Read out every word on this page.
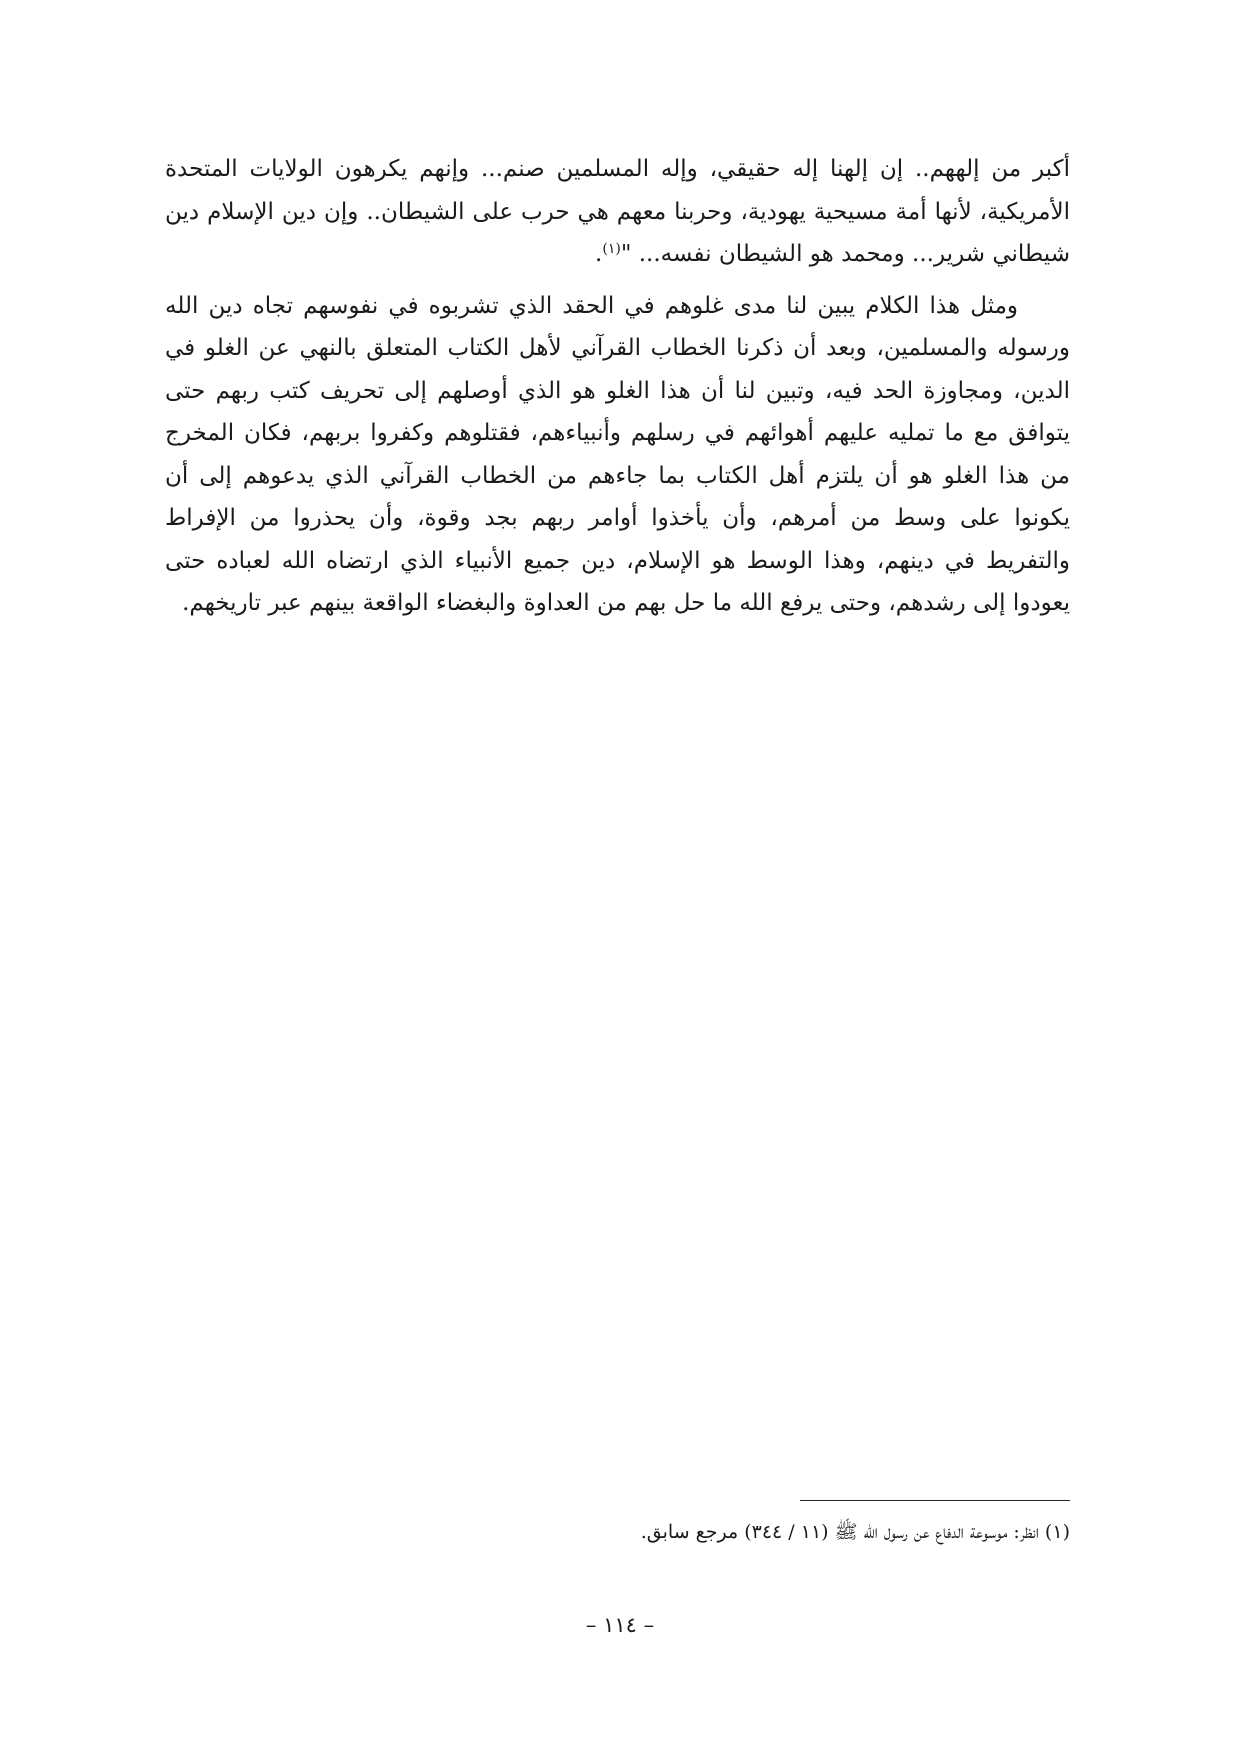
أكبر من إلههم.. إن إلهنا إله حقيقي، وإله المسلمين صنم... وإنهم يكرهون الولايات المتحدة الأمريكية، لأنها أمة مسيحية يهودية، وحربنا معهم هي حرب على الشيطان.. وإن دين الإسلام دين شيطاني شرير... ومحمد هو الشيطان نفسه... "$^{(١)}$.

ومثل هذا الكلام يبين لنا مدى غلوهم في الحقد الذي تشربوه في نفوسهم تجاه دين الله ورسوله والمسلمين، وبعد أن ذكرنا الخطاب القرآني لأهل الكتاب المتعلق بالنهي عن الغلو في الدين، ومجاوزة الحد فيه، وتبين لنا أن هذا الغلو هو الذي أوصلهم إلى تحريف كتب ربهم حتى يتوافق مع ما تمليه عليهم أهوائهم في رسلهم وأنبياءهم، فقتلوهم وكفروا بربهم، فكان المخرج من هذا الغلو هو أن يلتزم أهل الكتاب بما جاءهم من الخطاب القرآني الذي يدعوهم إلى أن يكونوا على وسط من أمرهم، وأن يأخذوا أوامر ربهم بجد وقوة، وأن يحذروا من الإفراط والتفريط في دينهم، وهذا الوسط هو الإسلام، دين جميع الأنبياء الذي ارتضاه الله لعباده حتى يعودوا إلى رشدهم، وحتى يرفع الله ما حل بهم من العداوة والبغضاء الواقعة بينهم عبر تاريخهم.

(١) انظر: موسوعة الدفاع عن رسول الله ﷺ (١١ / ٣٤٤) مرجع سابق.
– ١١٤ –
